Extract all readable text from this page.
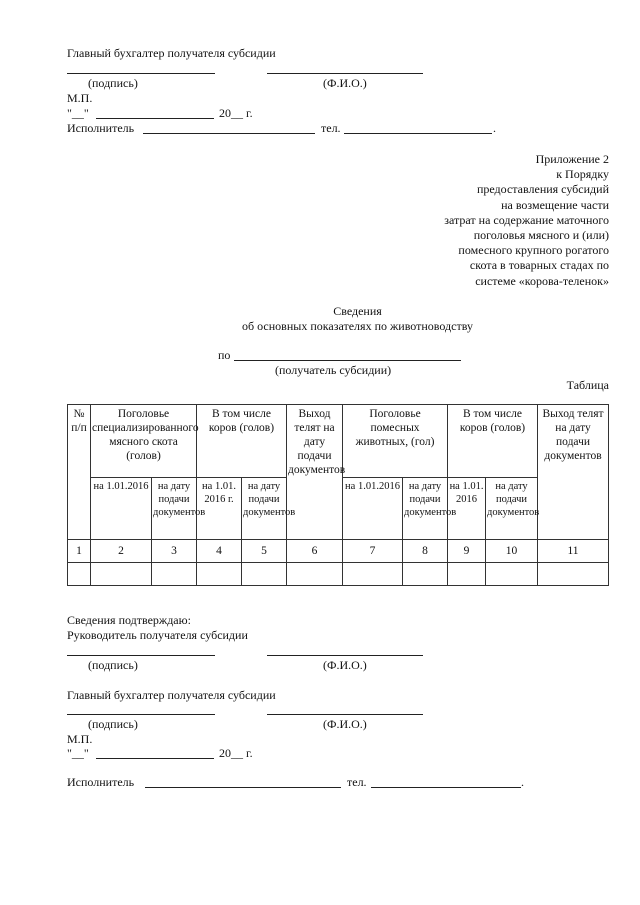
Главный бухгалтер получателя субсидии
(подпись)	(Ф.И.О.)
М.П.
"__"	20__ г.
Исполнитель	тел.	.
Приложение 2
к Порядку
предоставления субсидий
на возмещение части
затрат на содержание маточного
поголовья мясного и (или)
помесного крупного рогатого
скота в товарных стадах по
системе «корова-теленок»
Сведения
об основных показателях по животноводству
по
(получатель субсидии)
Таблица
№ п/п	Поголовье специализированного мясного скота (голов)		В том числе коров (голов)		Выход телят на дату подачи документов	Поголовье помесных животных, (гол)		В том числе коров (голов)		Выход телят на дату подачи документов
	на 1.01.2016	на дату подачи документов	на 1.01. 2016 г.	на дату подачи документов		на 1.01.2016	на дату подачи документов	на 1.01. 2016	на дату подачи документов	
1	2	3	4	5	6	7	8	9	10	11

Сведения подтверждаю:
Руководитель получателя субсидии
(подпись)	(Ф.И.О.)
Главный бухгалтер получателя субсидии
(подпись)	(Ф.И.О.)
М.П.
"__"	20__ г.
Исполнитель	тел.	.
